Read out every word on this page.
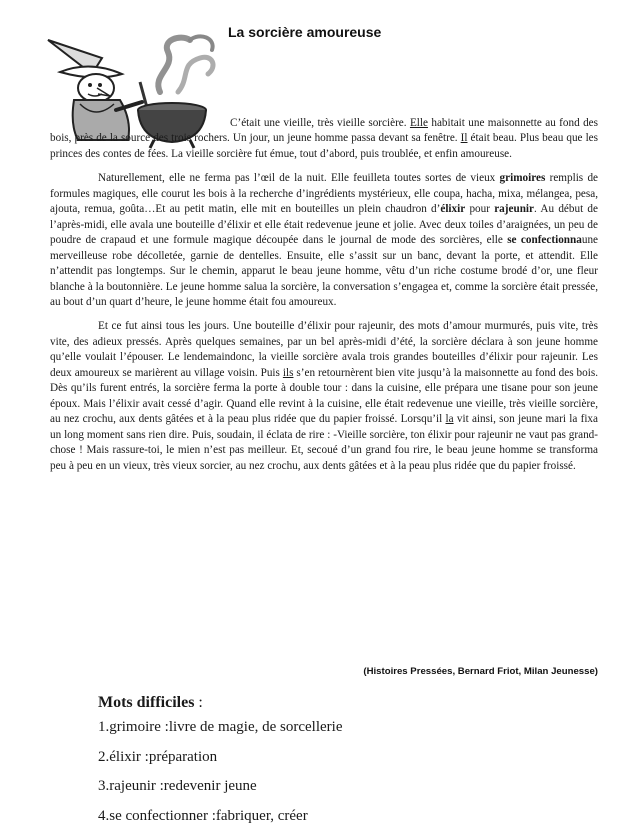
La sorcière amoureuse

C’était une vieille, très vieille sorcière. Elle habitait une maisonnette au fond des bois, près de la source des trois rochers. Un jour, un jeune homme passa devant sa fenêtre. Il était beau. Plus beau que les princes des contes de fées. La vieille sorcière fut émue, tout d’abord, puis troublée, et enfin amoureuse.

Naturellement, elle ne ferma pas l’œil de la nuit. Elle feuilleta toutes sortes de vieux grimoires remplis de formules magiques, elle courut les bois à la recherche d’ingrédients mystérieux, elle coupa, hacha, mixa, mélangea, pesa, ajouta, remua, goûta…Et au petit matin, elle mit en bouteilles un plein chaudron d’élixir pour rajeunir. Au début de l’après-midi, elle avala une bouteille d’élixir et elle était redevenue jeune et jolie. Avec deux toiles d’araignées, un peu de poudre de crapaud et une formule magique découpée dans le journal de mode des sorcières, elle se confectionnaune merveilleuse robe décolletée, garnie de dentelles. Ensuite, elle s’assit sur un banc, devant la porte, et attendit. Elle n’attendit pas longtemps. Sur le chemin, apparut le beau jeune homme, vêtu d’un riche costume brodé d’or, une fleur blanche à la boutonnière. Le jeune homme salua la sorcière, la conversation s’engagea et, comme la sorcière était pressée, au bout d’un quart d’heure, le jeune homme était fou amoureux.

Et ce fut ainsi tous les jours. Une bouteille d’élixir pour rajeunir, des mots d’amour murmurés, puis vite, très vite, des adieux pressés. Après quelques semaines, par un bel après-midi d’été, la sorcière déclara à son jeune homme qu’elle voulait l’épouser. Le lendemaindonc, la vieille sorcière avala trois grandes bouteilles d’élixir pour rajeunir. Les deux amoureux se marièrent au village voisin. Puis ils s’en retournèrent bien vite jusqu’à la maisonnette au fond des bois. Dès qu’ils furent entrés, la sorcière ferma la porte à double tour : dans la cuisine, elle prépara une tisane pour son jeune époux. Mais l’élixir avait cessé d’agir. Quand elle revint à la cuisine, elle était redevenue une vieille, très vieille sorcière, au nez crochu, aux dents gâtées et à la peau plus ridée que du papier froissé. Lorsqu’il la vit ainsi, son jeune mari la fixa un long moment sans rien dire. Puis, soudain, il éclata de rire : -Vieille sorcière, ton élixir pour rajeunir ne vaut pas grand-chose ! Mais rassure-toi, le mien n’est pas meilleur. Et, secoué d’un grand fou rire, le beau jeune homme se transforma peu à peu en un vieux, très vieux sorcier, au nez crochu, aux dents gâtées et à la peau plus ridée que du papier froissé.

(Histoires Pressées, Bernard Friot, Milan Jeunesse)
Mots difficiles :
1.grimoire :livre de magie, de sorcellerie
2.élixir :préparation
3.rajeunir :redevenir jeune
4.se confectionner :fabriquer, créer
